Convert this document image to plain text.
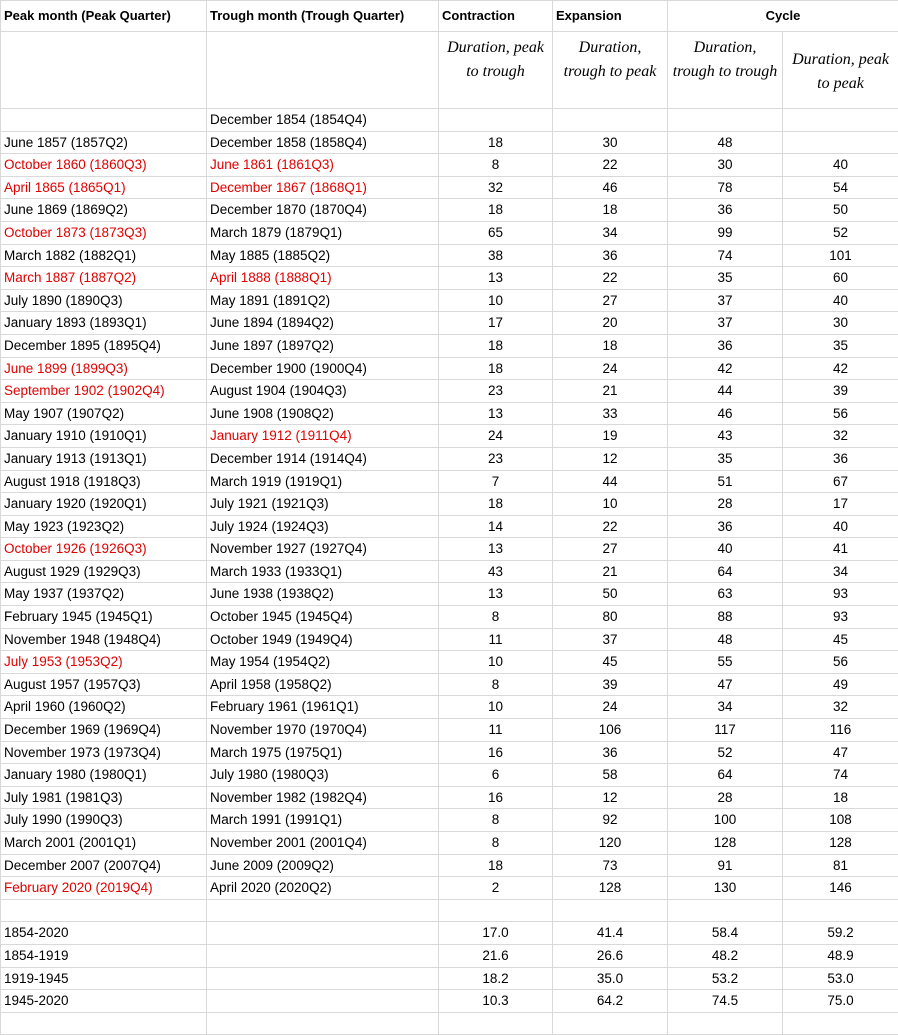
Peak month (Peak Quarter)	Trough month (Trough Quarter)	Contraction	Expansion	Cycle	
		Duration, peak to trough	Duration, trough to peak	Duration, trough to trough	Duration, peak to peak
	December 1854 (1854Q4)				
June 1857 (1857Q2)	December 1858 (1858Q4)	18	30	48	
October 1860 (1860Q3)	June 1861 (1861Q3)	8	22	30	40
April 1865 (1865Q1)	December 1867 (1868Q1)	32	46	78	54
June 1869 (1869Q2)	December 1870 (1870Q4)	18	18	36	50
October 1873 (1873Q3)	March 1879 (1879Q1)	65	34	99	52
March 1882 (1882Q1)	May 1885 (1885Q2)	38	36	74	101
March 1887 (1887Q2)	April 1888 (1888Q1)	13	22	35	60
July 1890 (1890Q3)	May 1891 (1891Q2)	10	27	37	40
January 1893 (1893Q1)	June 1894 (1894Q2)	17	20	37	30
December 1895 (1895Q4)	June 1897 (1897Q2)	18	18	36	35
June 1899 (1899Q3)	December 1900 (1900Q4)	18	24	42	42
September 1902 (1902Q4)	August 1904 (1904Q3)	23	21	44	39
May 1907 (1907Q2)	June 1908 (1908Q2)	13	33	46	56
January 1910 (1910Q1)	January 1912 (1911Q4)	24	19	43	32
January 1913 (1913Q1)	December 1914 (1914Q4)	23	12	35	36
August 1918 (1918Q3)	March 1919 (1919Q1)	7	44	51	67
January 1920 (1920Q1)	July 1921 (1921Q3)	18	10	28	17
May 1923 (1923Q2)	July 1924 (1924Q3)	14	22	36	40
October 1926 (1926Q3)	November 1927 (1927Q4)	13	27	40	41
August 1929 (1929Q3)	March 1933 (1933Q1)	43	21	64	34
May 1937 (1937Q2)	June 1938 (1938Q2)	13	50	63	93
February 1945 (1945Q1)	October 1945 (1945Q4)	8	80	88	93
November 1948 (1948Q4)	October 1949 (1949Q4)	11	37	48	45
July 1953 (1953Q2)	May 1954 (1954Q2)	10	45	55	56
August 1957 (1957Q3)	April 1958 (1958Q2)	8	39	47	49
April 1960 (1960Q2)	February 1961 (1961Q1)	10	24	34	32
December 1969 (1969Q4)	November 1970 (1970Q4)	11	106	117	116
November 1973 (1973Q4)	March 1975 (1975Q1)	16	36	52	47
January 1980 (1980Q1)	July 1980 (1980Q3)	6	58	64	74
July 1981 (1981Q3)	November 1982 (1982Q4)	16	12	28	18
July 1990 (1990Q3)	March 1991 (1991Q1)	8	92	100	108
March 2001 (2001Q1)	November 2001 (2001Q4)	8	120	128	128
December 2007 (2007Q4)	June 2009 (2009Q2)	18	73	91	81
February 2020 (2019Q4)	April 2020 (2020Q2)	2	128	130	146

1854-2020		17.0	41.4	58.4	59.2
1854-1919		21.6	26.6	48.2	48.9
1919-1945		18.2	35.0	53.2	53.0
1945-2020		10.3	64.2	74.5	75.0
